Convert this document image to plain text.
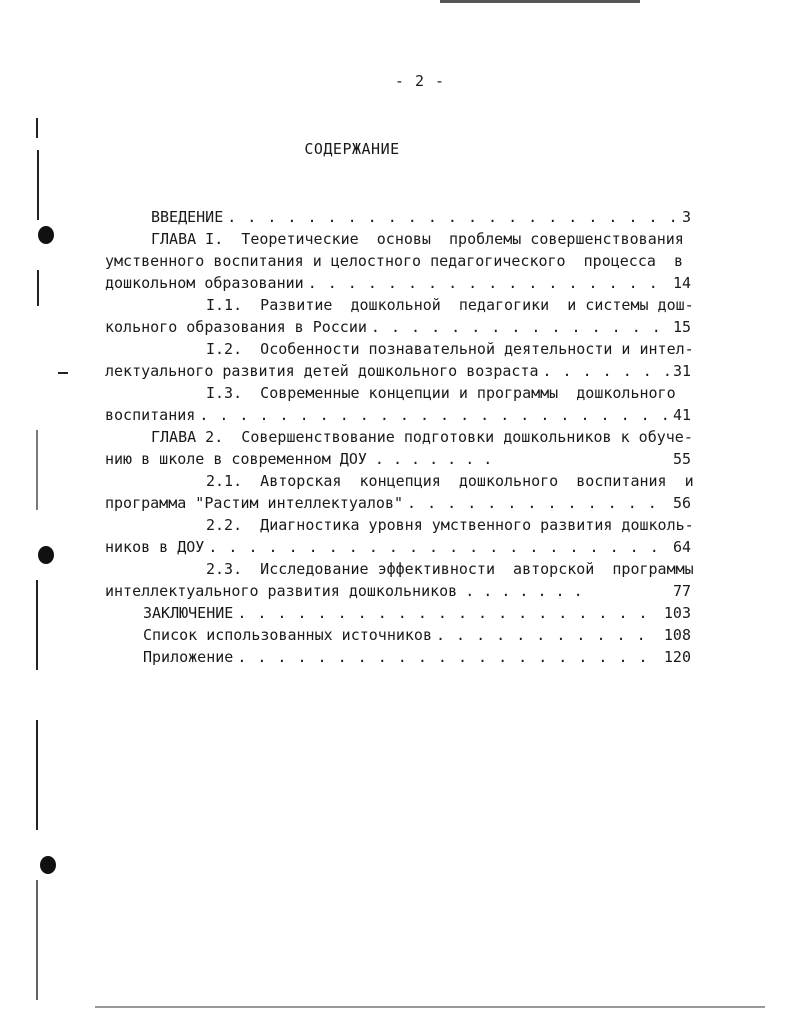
- 2 -
СОДЕРЖАНИЕ
ВВЕДЕНИЕ . . .	3
ГЛАВА I.  Теоретические  основы  проблемы совершенствования
умственного воспитания и целостного педагогического  процесса  в
дошкольном образовании . . .	14
I.1.  Развитие  дошкольной  педагогики  и системы дош-
кольного образования в России . . .	15
I.2.  Особенности познавательной деятельности и интел-
лектуального развития детей дошкольного возраста . . .	31
I.3.  Современные концепции и программы  дошкольного
воспитания . . .	41
ГЛАВА 2.  Совершенствование подготовки дошкольников к обуче-
нию в школе в современном ДОУ . . . . . . .	55
2.1.  Авторская  концепция  дошкольного  воспитания  и
программа "Растим интеллектуалов" . . .	56
2.2.  Диагностика уровня умственного развития дошколь-
ников в ДОУ . . .	64
2.3.  Исследование эффективности  авторской  программы
интеллектуального развития дошкольников . . . . . . .	77
ЗАКЛЮЧЕНИЕ . . .	103
Список использованных источников . . .	108
Приложение . . .	120
